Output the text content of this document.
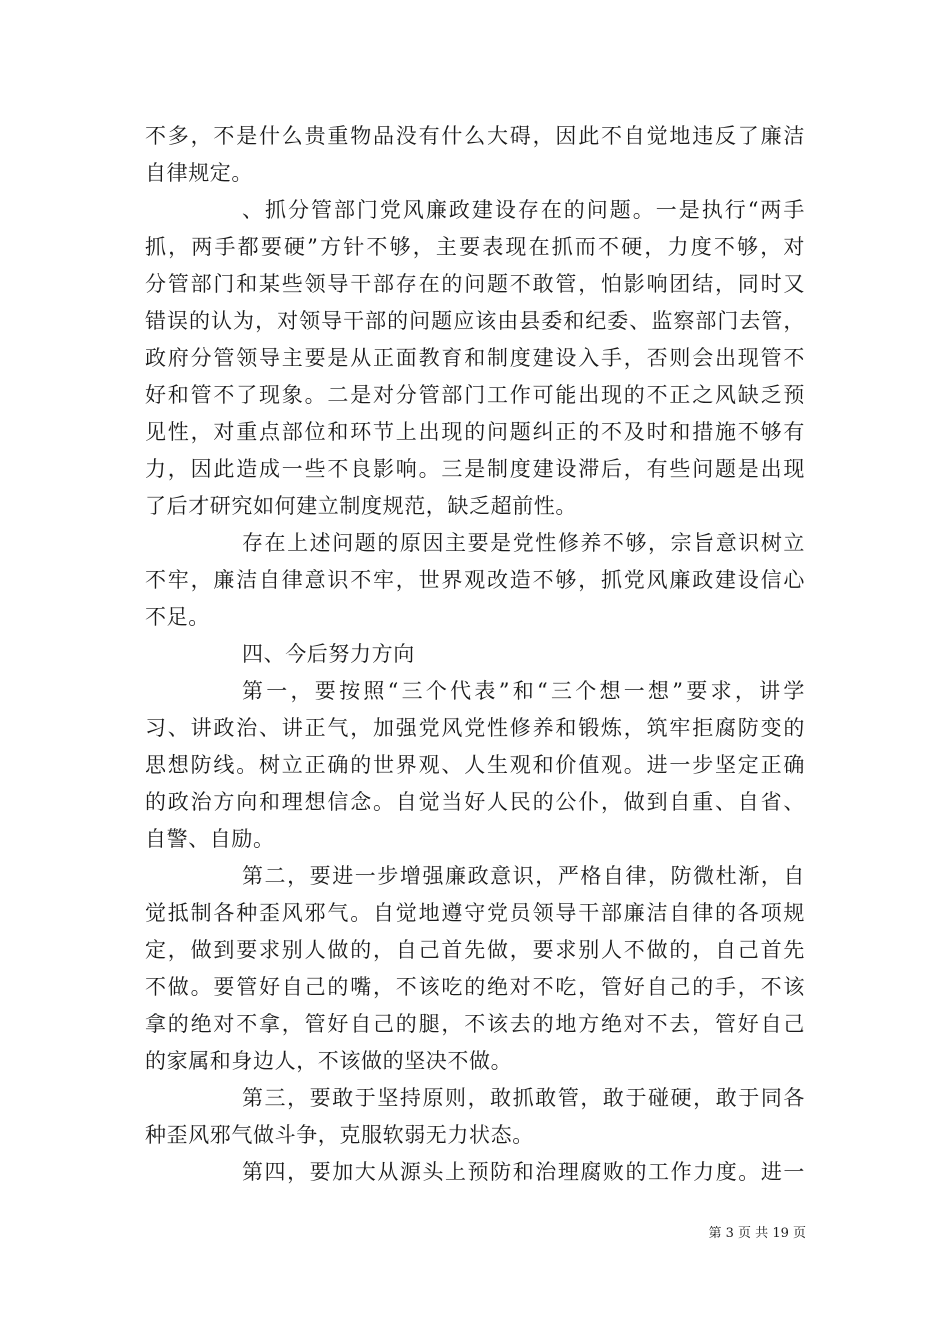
不多，不是什么贵重物品没有什么大碍，因此不自觉地违反了廉洁
自律规定。
、抓分管部门党风廉政建设存在的问题。一是执行“两手
抓，两手都要硬”方针不够，主要表现在抓而不硬，力度不够，对
分管部门和某些领导干部存在的问题不敢管，怕影响团结，同时又
错误的认为，对领导干部的问题应该由县委和纪委、监察部门去管，
政府分管领导主要是从正面教育和制度建设入手，否则会出现管不
好和管不了现象。二是对分管部门工作可能出现的不正之风缺乏预
见性，对重点部位和环节上出现的问题纠正的不及时和措施不够有
力，因此造成一些不良影响。三是制度建设滞后，有些问题是出现
了后才研究如何建立制度规范，缺乏超前性。
存在上述问题的原因主要是党性修养不够，宗旨意识树立
不牢，廉洁自律意识不牢，世界观改造不够，抓党风廉政建设信心
不足。
四、今后努力方向
第一，要按照“三个代表”和“三个想一想”要求，讲学
习、讲政治、讲正气，加强党风党性修养和锻炼，筑牢拒腐防变的
思想防线。树立正确的世界观、人生观和价值观。进一步坚定正确
的政治方向和理想信念。自觉当好人民的公仆，做到自重、自省、
自警、自励。
第二，要进一步增强廉政意识，严格自律，防微杜渐，自
觉抵制各种歪风邪气。自觉地遵守党员领导干部廉洁自律的各项规
定，做到要求别人做的，自己首先做，要求别人不做的，自己首先
不做。要管好自己的嘴，不该吃的绝对不吃，管好自己的手，不该
拿的绝对不拿，管好自己的腿，不该去的地方绝对不去，管好自己
的家属和身边人，不该做的坚决不做。
第三，要敢于坚持原则，敢抓敢管，敢于碰硬，敢于同各
种歪风邪气做斗争，克服软弱无力状态。
第四，要加大从源头上预防和治理腐败的工作力度。进一
第 3 页 共 19 页
